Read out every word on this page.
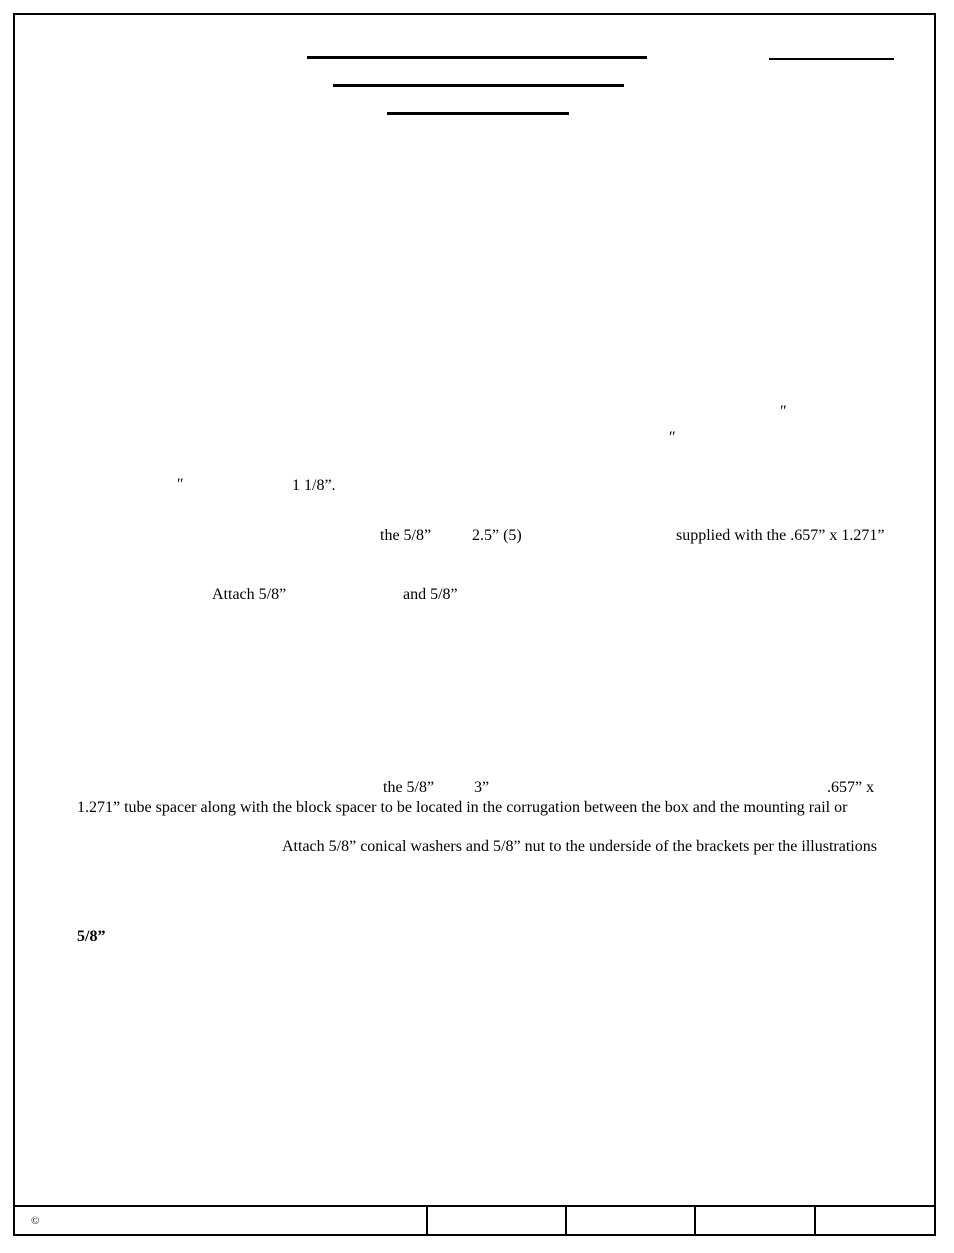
″
″
″	1 1/8”.
the 5/8”	2.5” (5)	supplied with the .657” x 1.271”
Attach 5/8”	and 5/8”
the 5/8” 3”	.657” x
1.271” tube spacer along with the block spacer to be located in the corrugation between the box and the mounting rail or
Attach 5/8” conical washers and 5/8” nut to the underside of the brackets per the illustrations
5/8”
©
